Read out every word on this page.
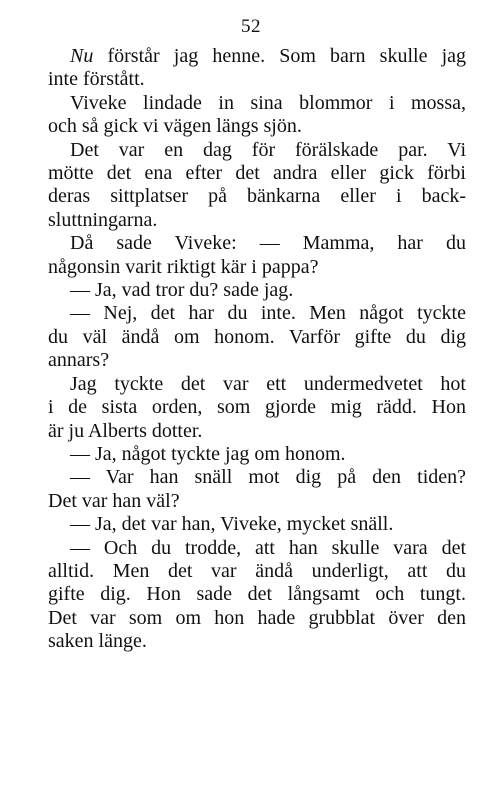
52
Nu förstår jag henne. Som barn skulle jag
inte förstått.
Viveke lindade in sina blommor i mossa,
och så gick vi vägen längs sjön.
Det var en dag för förälskade par. Vi
mötte det ena efter det andra eller gick förbi
deras sittplatser på bänkarna eller i back-
sluttningarna.
Då sade Viveke: — Mamma, har du
någonsin varit riktigt kär i pappa?
— Ja, vad tror du? sade jag.
— Nej, det har du inte. Men något tyckte
du väl ändå om honom. Varför gifte du dig
annars?
Jag tyckte det var ett undermedvetet hot
i de sista orden, som gjorde mig rädd. Hon
är ju Alberts dotter.
— Ja, något tyckte jag om honom.
— Var han snäll mot dig på den tiden?
Det var han väl?
— Ja, det var han, Viveke, mycket snäll.
— Och du trodde, att han skulle vara det
alltid. Men det var ändå underligt, att du
gifte dig. Hon sade det långsamt och tungt.
Det var som om hon hade grubblat över den
saken länge.
